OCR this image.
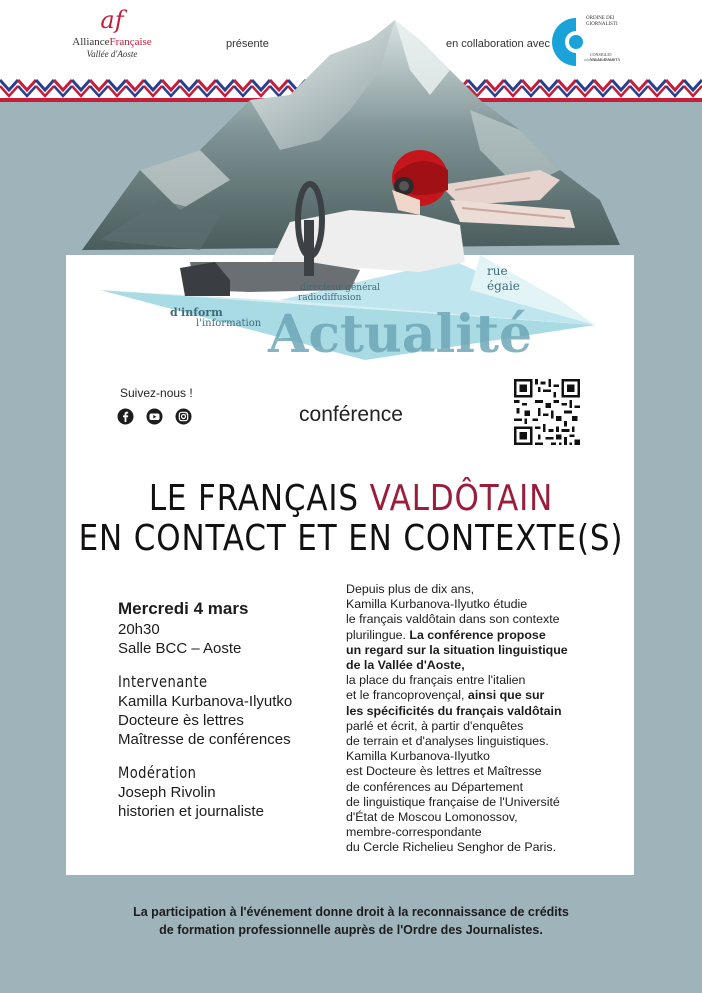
af
AllianceFrançaise
Vallée d'Aoste
présente	en collaboration avec
ORDINE DEI GIORNALISTI
CONSIGLIO VALLE D'AOSTA
Actualité
rue
égaie
d'inform
l'information
radiodiffusion
directeur général
Suivez-nous !
conférence
LE FRANÇAIS VALDÔTAIN
EN CONTACT ET EN CONTEXTE(S)
Mercredi 4 mars
20h30
Salle BCC – Aoste
Intervenante
Kamilla Kurbanova-Ilyutko
Docteure ès lettres
Maîtresse de conférences
Modération
Joseph Rivolin
historien et journaliste
Depuis plus de dix ans,
Kamilla Kurbanova-Ilyutko étudie
le français valdôtain dans son contexte
plurilingue. La conférence propose
un regard sur la situation linguistique
de la Vallée d'Aoste,
la place du français entre l'italien
et le francoprovençal, ainsi que sur
les spécificités du français valdôtain
parlé et écrit, à partir d'enquêtes
de terrain et d'analyses linguistiques.
Kamilla Kurbanova-Ilyutko
est Docteure ès lettres et Maîtresse
de conférences au Département
de linguistique française de l'Université
d'État de Moscou Lomonossov,
membre-correspondante
du Cercle Richelieu Senghor de Paris.
La participation à l'événement donne droit à la reconnaissance de crédits
de formation professionnelle auprès de l'Ordre des Journalistes.
